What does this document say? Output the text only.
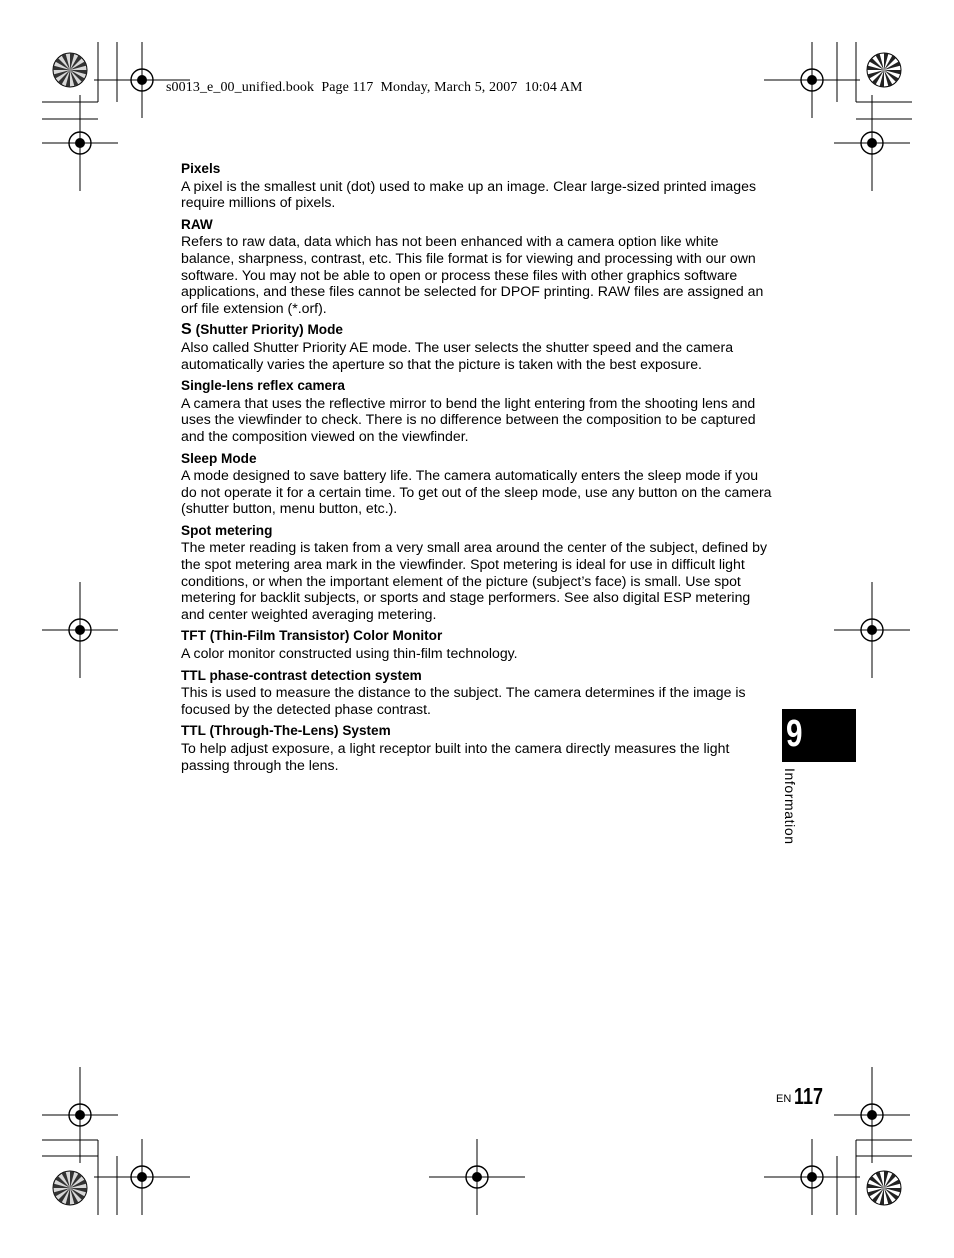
s0013_e_00_unified.book  Page 117  Monday, March 5, 2007  10:04 AM
Pixels

A pixel is the smallest unit (dot) used to make up an image. Clear large-sized printed images require millions of pixels.

RAW

Refers to raw data, data which has not been enhanced with a camera option like white balance, sharpness, contrast, etc. This file format is for viewing and processing with our own software. You may not be able to open or process these files with other graphics software applications, and these files cannot be selected for DPOF printing. RAW files are assigned an orf file extension (*.orf).

S (Shutter Priority) Mode

Also called Shutter Priority AE mode. The user selects the shutter speed and the camera automatically varies the aperture so that the picture is taken with the best exposure.

Single-lens reflex camera

A camera that uses the reflective mirror to bend the light entering from the shooting lens and uses the viewfinder to check. There is no difference between the composition to be captured and the composition viewed on the viewfinder.

Sleep Mode

A mode designed to save battery life. The camera automatically enters the sleep mode if you do not operate it for a certain time. To get out of the sleep mode, use any button on the camera (shutter button, menu button, etc.).

Spot metering

The meter reading is taken from a very small area around the center of the subject, defined by the spot metering area mark in the viewfinder. Spot metering is ideal for use in difficult light conditions, or when the important element of the picture (subject’s face) is small. Use spot metering for backlit subjects, or sports and stage performers. See also digital ESP metering and center weighted averaging metering.

TFT (Thin-Film Transistor) Color Monitor

A color monitor constructed using thin-film technology.

TTL phase-contrast detection system

This is used to measure the distance to the subject. The camera determines if the image is focused by the detected phase contrast.

TTL (Through-The-Lens) System

To help adjust exposure, a light receptor built into the camera directly measures the light passing through the lens.

9
Information
EN 117
